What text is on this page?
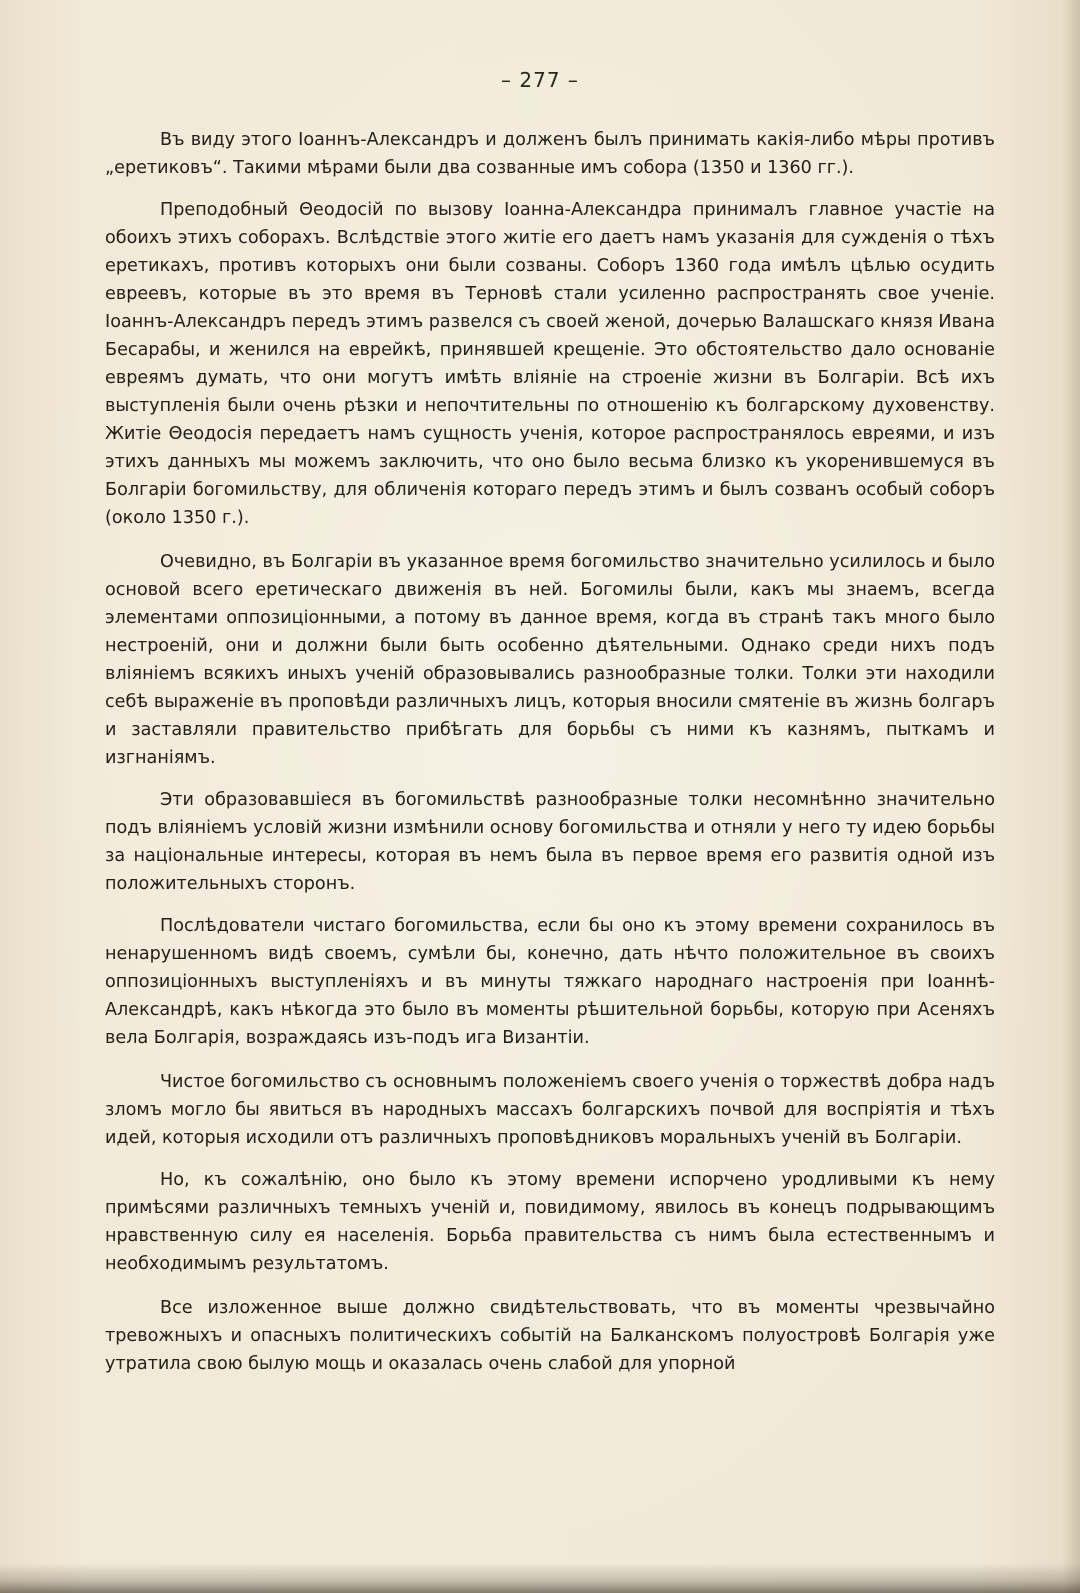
– 277 –

Въ виду этого Іоаннъ-Александръ и долженъ былъ принимать какія-либо мѣры противъ „еретиковъ“. Такими мѣрами были два созванные имъ собора (1350 и 1360 гг.).

Преподобный Θеодосій по вызову Іоанна-Александра принималъ главное участіе на обоихъ этихъ соборахъ. Вслѣдствіе этого житіе его даетъ намъ указанія для сужденія о тѣхъ еретикахъ, противъ которыхъ они были созваны. Соборъ 1360 года имѣлъ цѣлью осудить евреевъ, которые въ это время въ Терновѣ стали усиленно распространять свое ученіе. Іоаннъ-Александръ передъ этимъ развелся съ своей женой, дочерью Валашскаго князя Ивана Бесарабы, и женился на еврейкѣ, принявшей крещеніе. Это обстоятельство дало основаніе евреямъ думать, что они могутъ имѣть вліяніе на строеніе жизни въ Болгаріи. Всѣ ихъ выступленія были очень рѣзки и непочтительны по отношенію къ болгарскому духовенству. Житіе Θеодосія передаетъ намъ сущность ученія, которое распространялось евреями, и изъ этихъ данныхъ мы можемъ заключить, что оно было весьма близко къ укоренившемуся въ Болгаріи богомильству, для обличенія котораго передъ этимъ и былъ созванъ особый соборъ (около 1350 г.).

Очевидно, въ Болгаріи въ указанное время богомильство значительно усилилось и было основой всего еретическаго движенія въ ней. Богомилы были, какъ мы знаемъ, всегда элементами оппозиціонными, а потому въ данное время, когда въ странѣ такъ много было нестроеній, они и должни были быть особенно дѣятельными. Однако среди нихъ подъ вліяніемъ всякихъ иныхъ ученій образовывались разнообразные толки. Толки эти находили себѣ выраженіе въ проповѣди различныхъ лицъ, которыя вносили смятеніе въ жизнь болгаръ и заставляли правительство прибѣгать для борьбы съ ними къ казнямъ, пыткамъ и изгнаніямъ.

Эти образовавшіеся въ богомильствѣ разнообразные толки несомнѣнно значительно подъ вліяніемъ условій жизни измѣнили основу богомильства и отняли у него ту идею борьбы за національные интересы, которая въ немъ была въ первое время его развитія одной изъ положительныхъ сторонъ.

Послѣдователи чистаго богомильства, если бы оно къ этому времени сохранилось въ ненарушенномъ видѣ своемъ, сумѣли бы, конечно, дать нѣчто положительное въ своихъ оппозиціонныхъ выступленіяхъ и въ минуты тяжкаго народнаго настроенія при Іоаннѣ-Александрѣ, какъ нѣкогда это было въ моменты рѣшительной борьбы, которую при Асеняхъ вела Болгарія, возраждаясь изъ-подъ ига Византіи.

Чистое богомильство съ основнымъ положеніемъ своего ученія о торжествѣ добра надъ зломъ могло бы явиться въ народныхъ массахъ болгарскихъ почвой для воспріятія и тѣхъ идей, которыя исходили отъ различныхъ проповѣдниковъ моральныхъ ученій въ Болгаріи.

Но, къ сожалѣнію, оно было къ этому времени испорчено уродливыми къ нему примѣсями различныхъ темныхъ ученій и, повидимому, явилось въ конецъ подрывающимъ нравственную силу ея населенія. Борьба правительства съ нимъ была естественнымъ и необходимымъ результатомъ.

Все изложенное выше должно свидѣтельствовать, что въ моменты чрезвычайно тревожныхъ и опасныхъ политическихъ событій на Балканскомъ полуостровѣ Болгарія уже утратила свою былую мощь и оказалась очень слабой для упорной
